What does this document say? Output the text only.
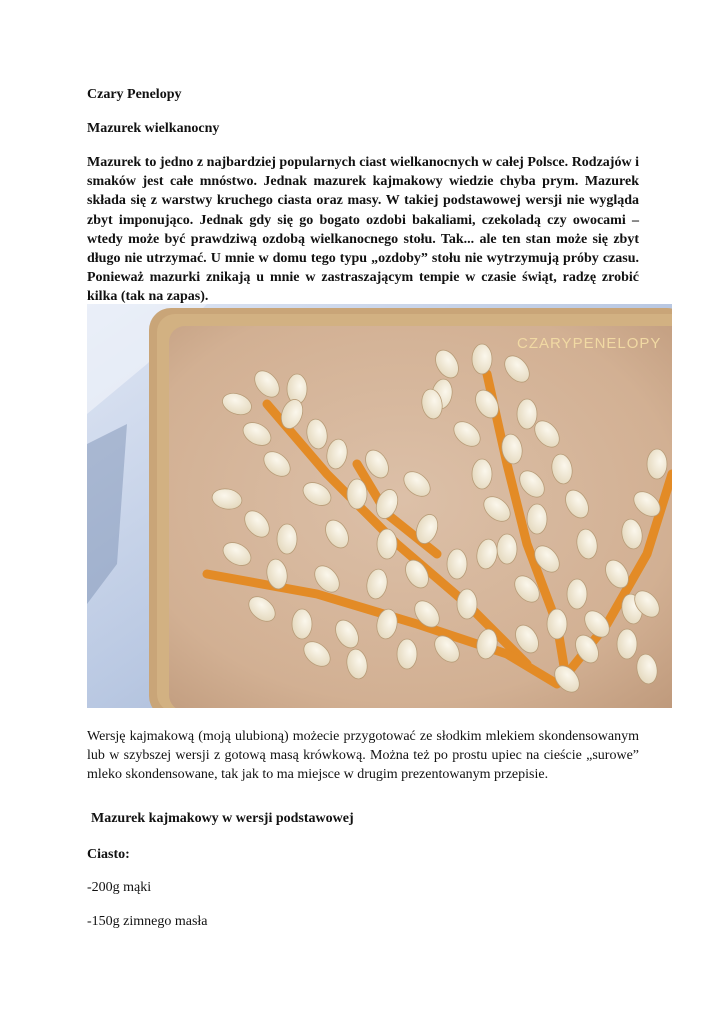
Czary Penelopy

Mazurek wielkanocny

Mazurek to jedno z najbardziej popularnych ciast wielkanocnych w całej Polsce. Rodzajów i smaków jest całe mnóstwo. Jednak mazurek kajmakowy wiedzie chyba prym. Mazurek składa się z warstwy kruchego ciasta oraz masy. W takiej podstawowej wersji nie wygląda zbyt imponująco. Jednak gdy się go bogato ozdobi bakaliami, czekoladą czy owocami – wtedy może być prawdziwą ozdobą wielkanocnego stołu. Tak... ale ten stan może się zbyt długo nie utrzymać. U mnie w domu tego typu „ozdoby” stołu nie wytrzymują próby czasu. Ponieważ mazurki znikają u mnie w zastraszającym tempie w czasie świąt, radzę zrobić kilka (tak na zapas).

CZARYPENELOPY

Wersję kajmakową (moją ulubioną) możecie przygotować ze słodkim mlekiem skondensowanym lub w szybszej wersji z gotową masą krówkową. Można też po prostu upiec na cieście „surowe” mleko skondensowane, tak jak to ma miejsce w drugim prezentowanym przepisie.

Mazurek kajmakowy w wersji podstawowej

Ciasto:

-200g mąki

-150g zimnego masła
